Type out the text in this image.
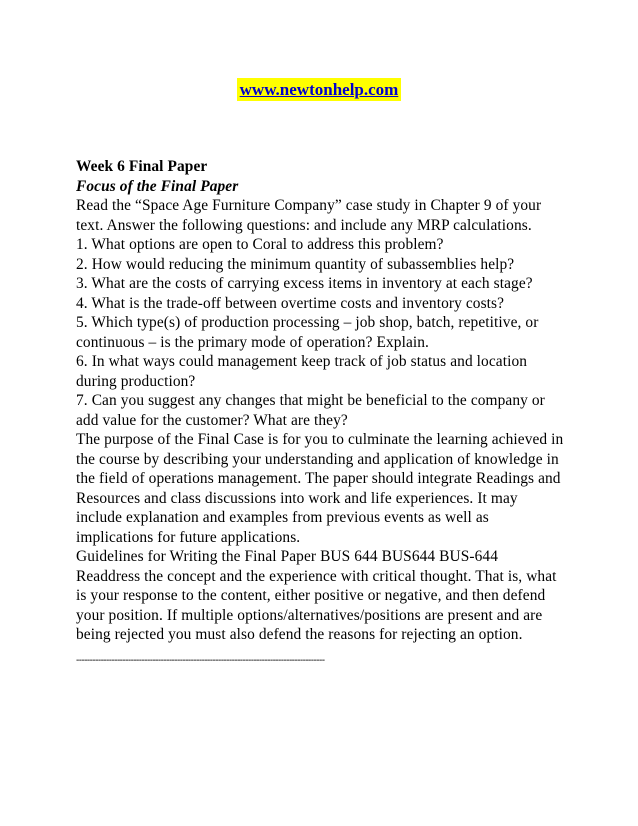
www.newtonhelp.com

Week 6 Final Paper

Focus of the Final Paper

Read the “Space Age Furniture Company” case study in Chapter 9 of your text. Answer the following questions: and include any MRP calculations.

1. What options are open to Coral to address this problem?

2. How would reducing the minimum quantity of subassemblies help?

3. What are the costs of carrying excess items in inventory at each stage?

4. What is the trade-off between overtime costs and inventory costs?

5. Which type(s) of production processing – job shop, batch, repetitive, or continuous – is the primary mode of operation? Explain.

6. In what ways could management keep track of job status and location during production?

7. Can you suggest any changes that might be beneficial to the company or add value for the customer? What are they?

The purpose of the Final Case is for you to culminate the learning achieved in the course by describing your understanding and application of knowledge in the field of operations management. The paper should integrate Readings and Resources and class discussions into work and life experiences. It may include explanation and examples from previous events as well as implications for future applications.

Guidelines for Writing the Final Paper BUS 644 BUS644 BUS-644

Readdress the concept and the experience with critical thought. That is, what is your response to the content, either positive or negative, and then defend your position. If multiple options/alternatives/positions are present and are being rejected you must also defend the reasons for rejecting an option.

-------------------------------------------------------------------------------------------
